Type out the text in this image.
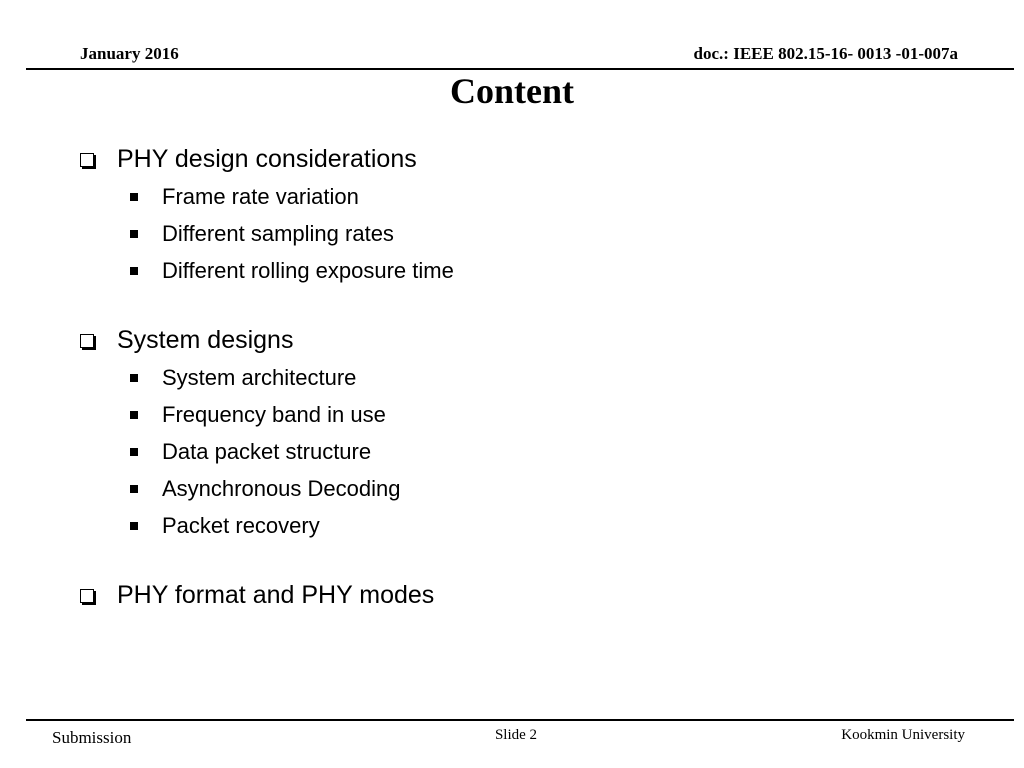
January 2016	doc.: IEEE 802.15-16- 0013 -01-007a
Content
PHY design considerations
Frame rate variation
Different sampling rates
Different rolling exposure time
System designs
System architecture
Frequency band in use
Data packet structure
Asynchronous Decoding
Packet recovery
PHY format and PHY modes
Submission	Slide 2	Kookmin University
